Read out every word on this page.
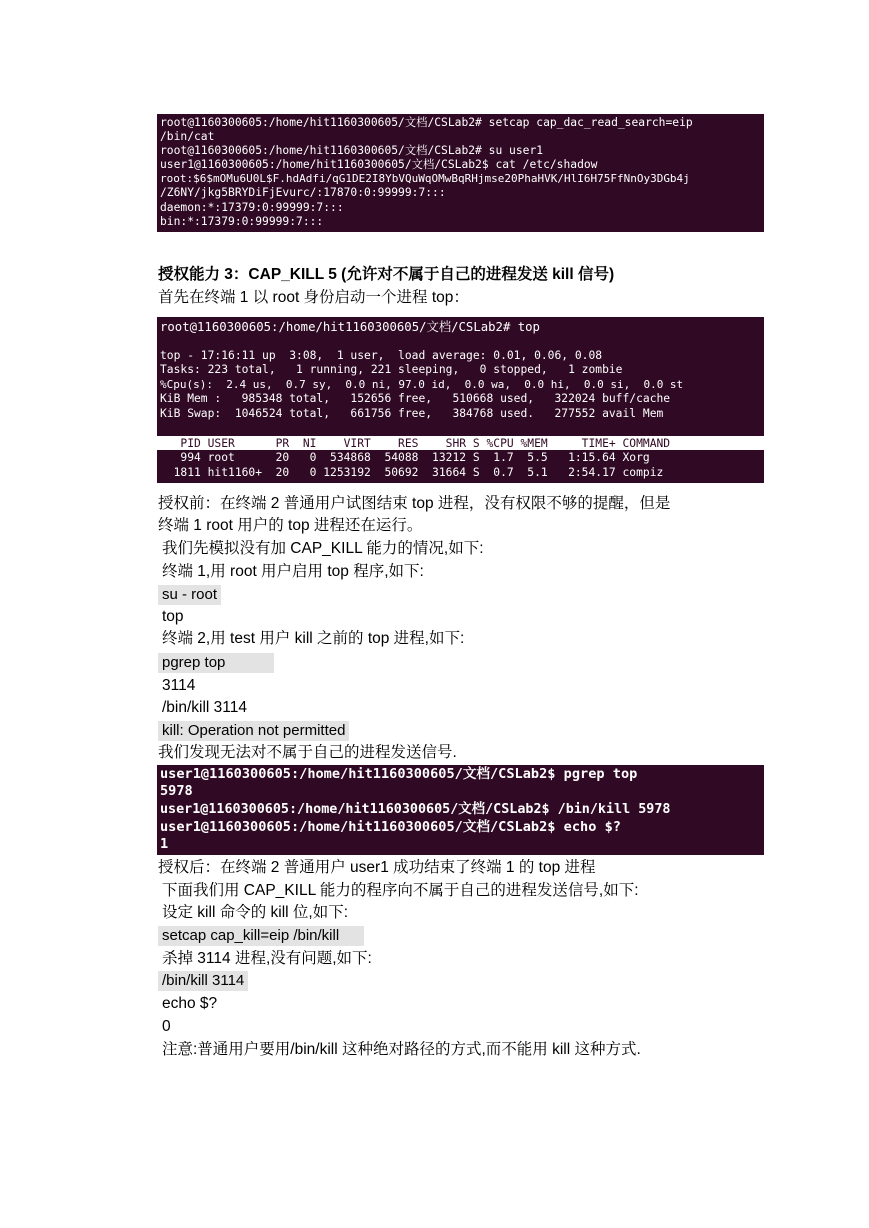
root@1160300605:/home/hit1160300605/文档/CSLab2# setcap cap_dac_read_search=eip
/bin/cat
root@1160300605:/home/hit1160300605/文档/CSLab2# su user1
user1@1160300605:/home/hit1160300605/文档/CSLab2$ cat /etc/shadow
root:$6$mOMu6U0L$F.hdAdfi/qG1DE2I8YbVQuWqOMwBqRHjmse20PhaHVK/HlI6H75FfNnOy3DGb4j
/Z6NY/jkg5BRYDiFjEvurc/:17870:0:99999:7:::
daemon:*:17379:0:99999:7:::
bin:*:17379:0:99999:7:::
授权能力 3：CAP_KILL 5 (允许对不属于自己的进程发送 kill 信号)
首先在终端 1 以 root 身份启动一个进程 top：
root@1160300605:/home/hit1160300605/文档/CSLab2# top
top - 17:16:11 up  3:08,  1 user,  load average: 0.01, 0.06, 0.08
Tasks: 223 total,   1 running, 221 sleeping,   0 stopped,   1 zombie
%Cpu(s):  2.4 us,  0.7 sy,  0.0 ni, 97.0 id,  0.0 wa,  0.0 hi,  0.0 si,  0.0 st
KiB Mem :   985348 total,   152656 free,   510668 used,   322024 buff/cache
KiB Swap:  1046524 total,   661756 free,   384768 used.   277552 avail Mem
PID USER      PR  NI    VIRT    RES    SHR S %CPU %MEM     TIME+ COMMAND
994 root      20   0  534868  54088  13212 S  1.7  5.5   1:15.64 Xorg
1811 hit1160+  20   0 1253192  50692  31664 S  0.7  5.1   2:54.17 compiz
授权前：在终端 2 普通用户试图结束 top 进程，没有权限不够的提醒，但是
终端 1 root 用户的 top 进程还在运行。
我们先模拟没有加 CAP_KILL 能力的情况,如下:
终端 1,用 root 用户启用 top 程序,如下:
su - root
top
终端 2,用 test 用户 kill 之前的 top 进程,如下:
pgrep top
3114
/bin/kill 3114
kill: Operation not permitted
我们发现无法对不属于自己的进程发送信号.
user1@1160300605:/home/hit1160300605/文档/CSLab2$ pgrep top
5978
user1@1160300605:/home/hit1160300605/文档/CSLab2$ /bin/kill 5978
user1@1160300605:/home/hit1160300605/文档/CSLab2$ echo $?
1
授权后：在终端 2 普通用户 user1 成功结束了终端 1 的 top 进程
下面我们用 CAP_KILL 能力的程序向不属于自己的进程发送信号,如下:
设定 kill 命令的 kill 位,如下:
setcap cap_kill=eip /bin/kill
杀掉 3114 进程,没有问题,如下:
/bin/kill 3114
echo $?
0
注意:普通用户要用/bin/kill 这种绝对路径的方式,而不能用 kill 这种方式.
